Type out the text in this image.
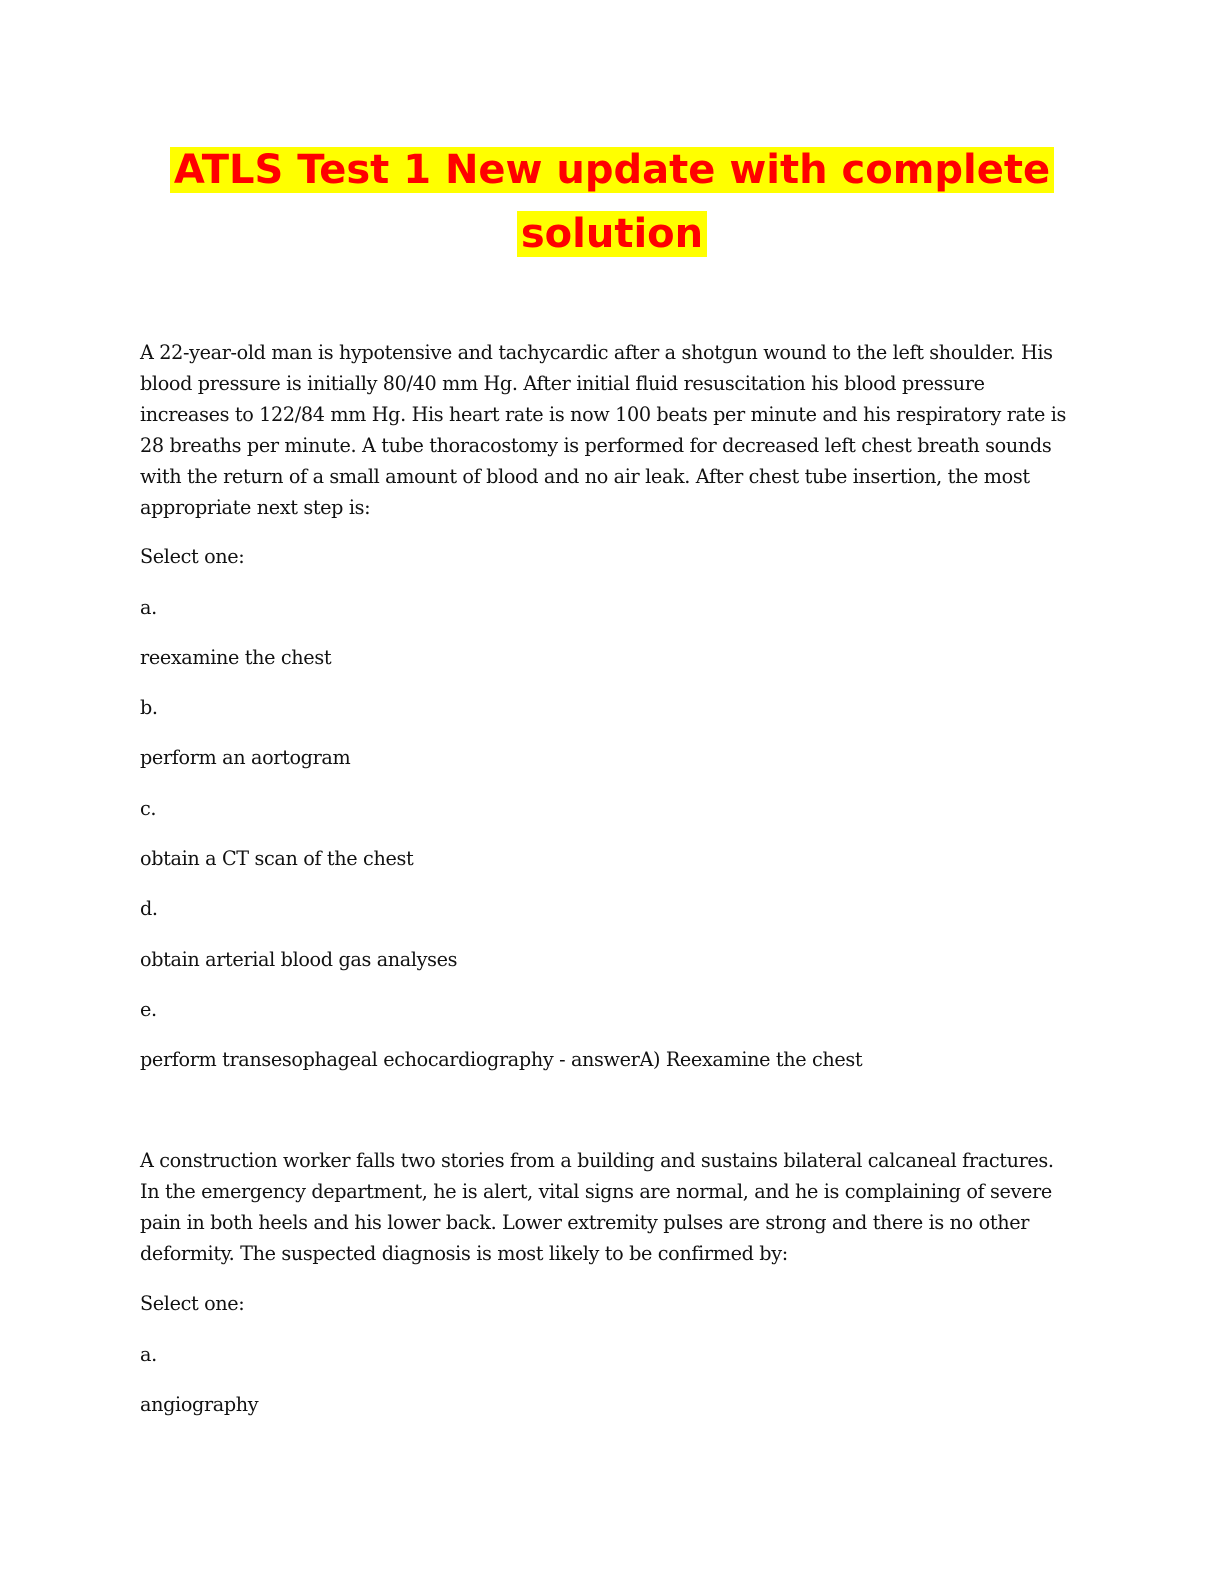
ATLS Test 1 New update with complete
solution

A 22-year-old man is hypotensive and tachycardic after a shotgun wound to the left shoulder. His blood pressure is initially 80/40 mm Hg. After initial fluid resuscitation his blood pressure increases to 122/84 mm Hg. His heart rate is now 100 beats per minute and his respiratory rate is 28 breaths per minute. A tube thoracostomy is performed for decreased left chest breath sounds with the return of a small amount of blood and no air leak. After chest tube insertion, the most appropriate next step is:

Select one:
a.
reexamine the chest
b.
perform an aortogram
c.
obtain a CT scan of the chest
d.
obtain arterial blood gas analyses
e.
perform transesophageal echocardiography - answerA) Reexamine the chest

A construction worker falls two stories from a building and sustains bilateral calcaneal fractures. In the emergency department, he is alert, vital signs are normal, and he is complaining of severe pain in both heels and his lower back. Lower extremity pulses are strong and there is no other deformity. The suspected diagnosis is most likely to be confirmed by:

Select one:
a.
angiography
